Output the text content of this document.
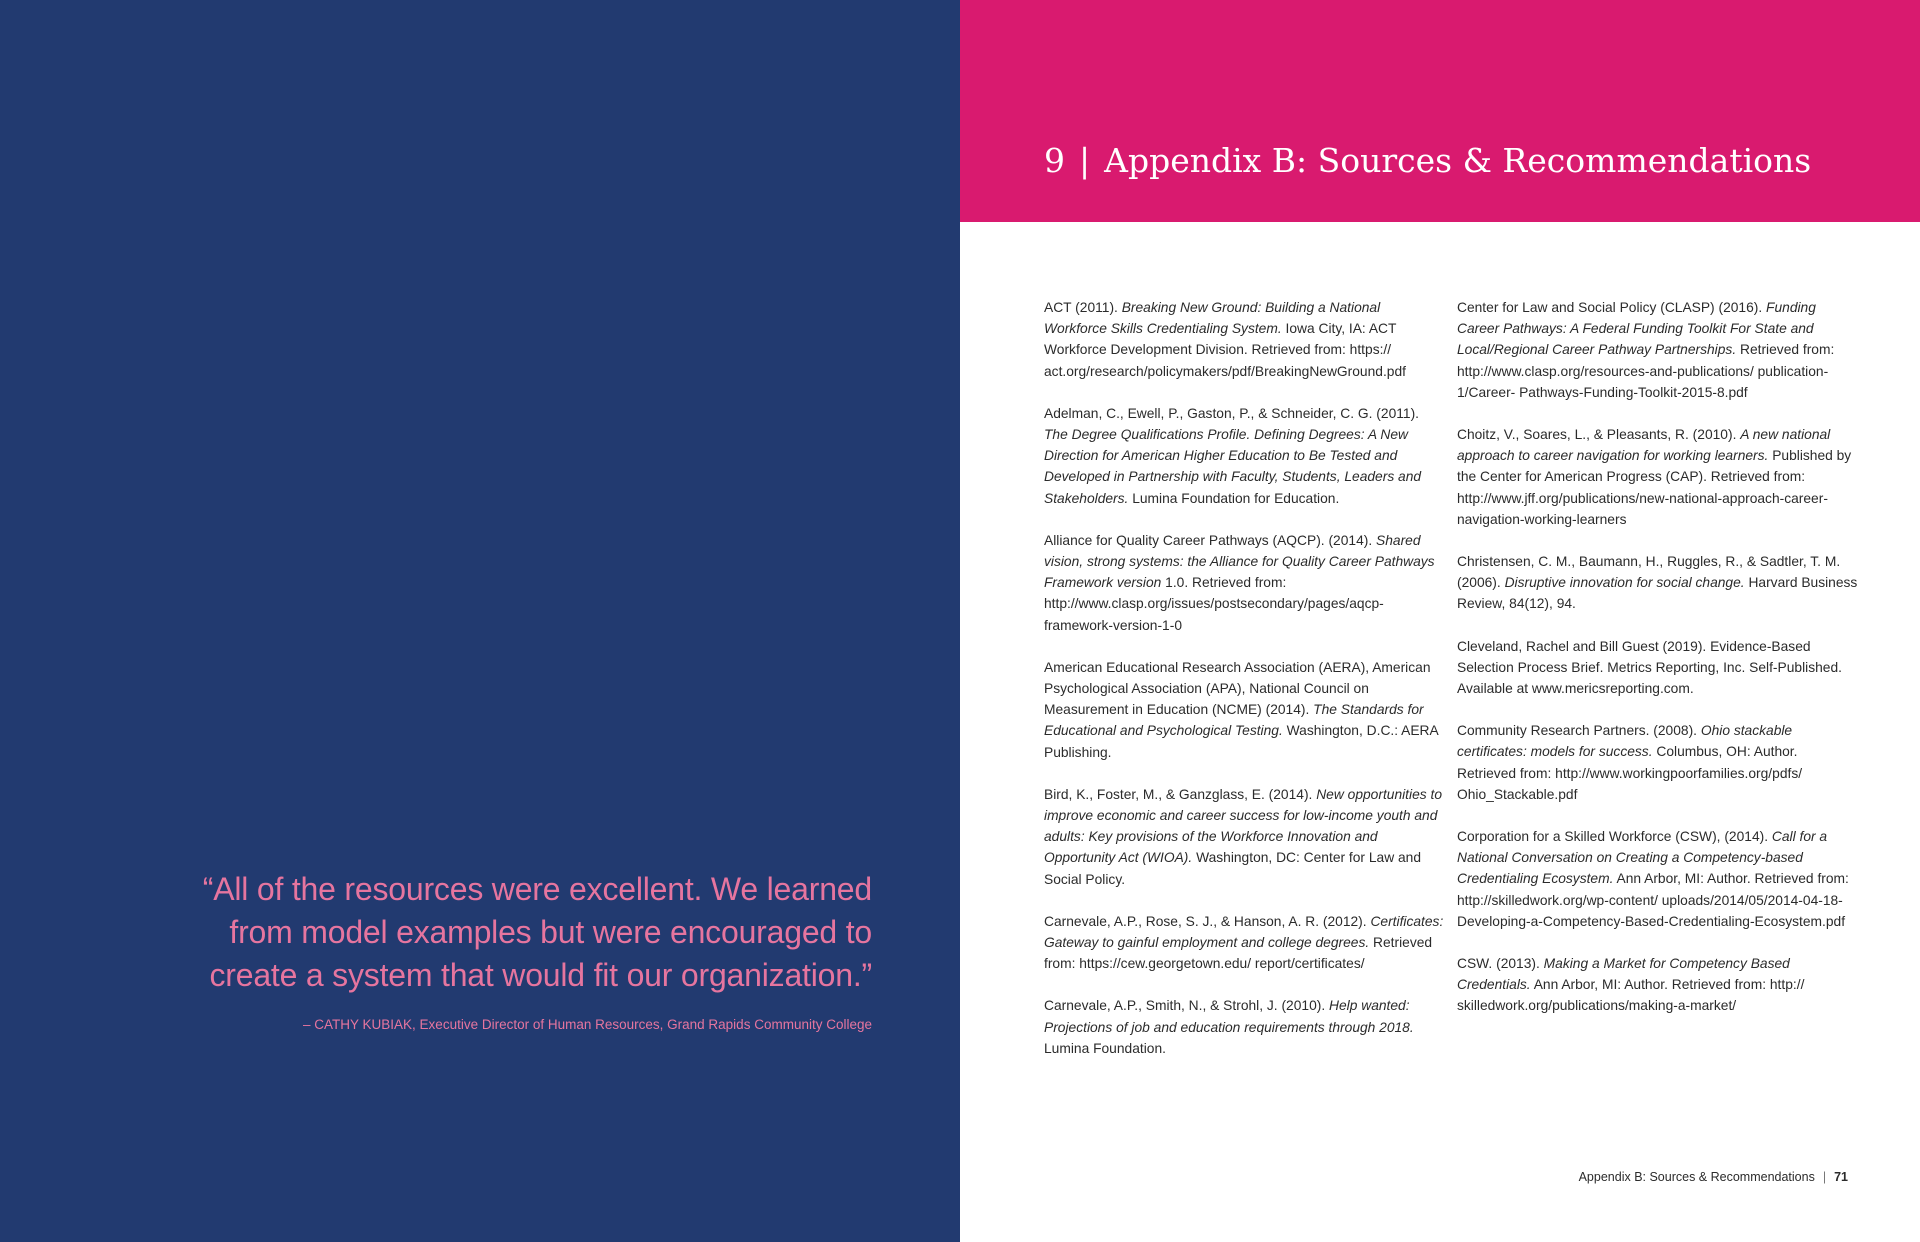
“All of the resources were excellent. We learned from model examples but were encouraged to create a system that would fit our organization.”
– CATHY KUBIAK, Executive Director of Human Resources, Grand Rapids Community College
9 | Appendix B: Sources & Recommendations

ACT (2011). Breaking New Ground: Building a National Workforce Skills Credentialing System. Iowa City, IA: ACT Workforce Development Division. Retrieved from: https:// act.org/research/policymakers/pdf/BreakingNewGround.pdf

Adelman, C., Ewell, P., Gaston, P., & Schneider, C. G. (2011). The Degree Qualifications Profile. Defining Degrees: A New Direction for American Higher Education to Be Tested and Developed in Partnership with Faculty, Students, Leaders and Stakeholders. Lumina Foundation for Education.

Alliance for Quality Career Pathways (AQCP). (2014). Shared vision, strong systems: the Alliance for Quality Career Pathways Framework version 1.0. Retrieved from: http://www.clasp.org/issues/postsecondary/pages/aqcp-framework-version-1-0

American Educational Research Association (AERA), American Psychological Association (APA), National Council on Measurement in Education (NCME) (2014). The Standards for Educational and Psychological Testing. Washington, D.C.: AERA Publishing.

Bird, K., Foster, M., & Ganzglass, E. (2014). New opportunities to improve economic and career success for low-income youth and adults: Key provisions of the Workforce Innovation and Opportunity Act (WIOA). Washington, DC: Center for Law and Social Policy.

Carnevale, A.P., Rose, S. J., & Hanson, A. R. (2012). Certificates: Gateway to gainful employment and college degrees. Retrieved from: https://cew.georgetown.edu/ report/certificates/

Carnevale, A.P., Smith, N., & Strohl, J. (2010). Help wanted: Projections of job and education requirements through 2018. Lumina Foundation.

Center for Law and Social Policy (CLASP) (2016). Funding Career Pathways: A Federal Funding Toolkit For State and Local/Regional Career Pathway Partnerships. Retrieved from: http://www.clasp.org/resources-and-publications/ publication-1/Career- Pathways-Funding-Toolkit-2015-8.pdf

Choitz, V., Soares, L., & Pleasants, R. (2010). A new national approach to career navigation for working learners. Published by the Center for American Progress (CAP). Retrieved from: http://www.jff.org/publications/new-national-approach-career-navigation-working-learners

Christensen, C. M., Baumann, H., Ruggles, R., & Sadtler, T. M. (2006). Disruptive innovation for social change. Harvard Business Review, 84(12), 94.

Cleveland, Rachel and Bill Guest (2019). Evidence-Based Selection Process Brief. Metrics Reporting, Inc. Self-Published. Available at www.mericsreporting.com.

Community Research Partners. (2008). Ohio stackable certificates: models for success. Columbus, OH: Author. Retrieved from: http://www.workingpoorfamilies.org/pdfs/ Ohio_Stackable.pdf

Corporation for a Skilled Workforce (CSW), (2014). Call for a National Conversation on Creating a Competency-based Credentialing Ecosystem. Ann Arbor, MI: Author. Retrieved from: http://skilledwork.org/wp-content/ uploads/2014/05/2014-04-18- Developing-a-Competency-Based-Credentialing-Ecosystem.pdf

CSW. (2013). Making a Market for Competency Based Credentials. Ann Arbor, MI: Author. Retrieved from: http:// skilledwork.org/publications/making-a-market/

Appendix B: Sources & Recommendations | 71
